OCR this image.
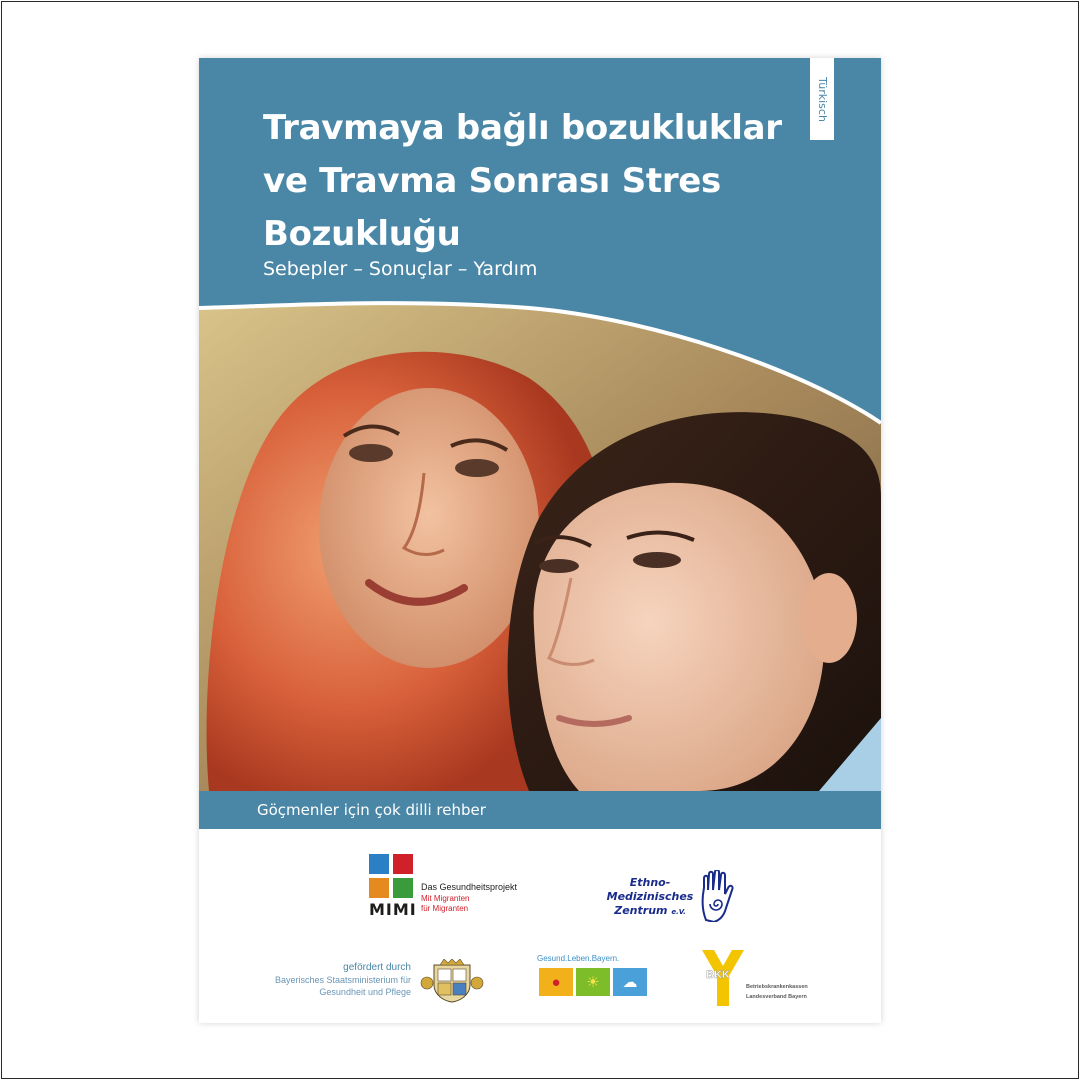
Türkisch
Travmaya bağlı bozukluklar
ve Travma Sonrası Stres
Bozukluğu

Sebepler – Sonuçlar – Yardım

Göçmenler için çok dilli rehber
MIMI
Das Gesundheitsprojekt
Mit Migranten
für Migranten
Ethno-
Medizinisches
Zentrum e.V.
gefördert durch
Bayerisches Staatsministerium für
Gesundheit und Pflege
Gesund.Leben.Bayern.
●	☀	☁	BKK
Betriebskrankenkassen
Landesverband Bayern
